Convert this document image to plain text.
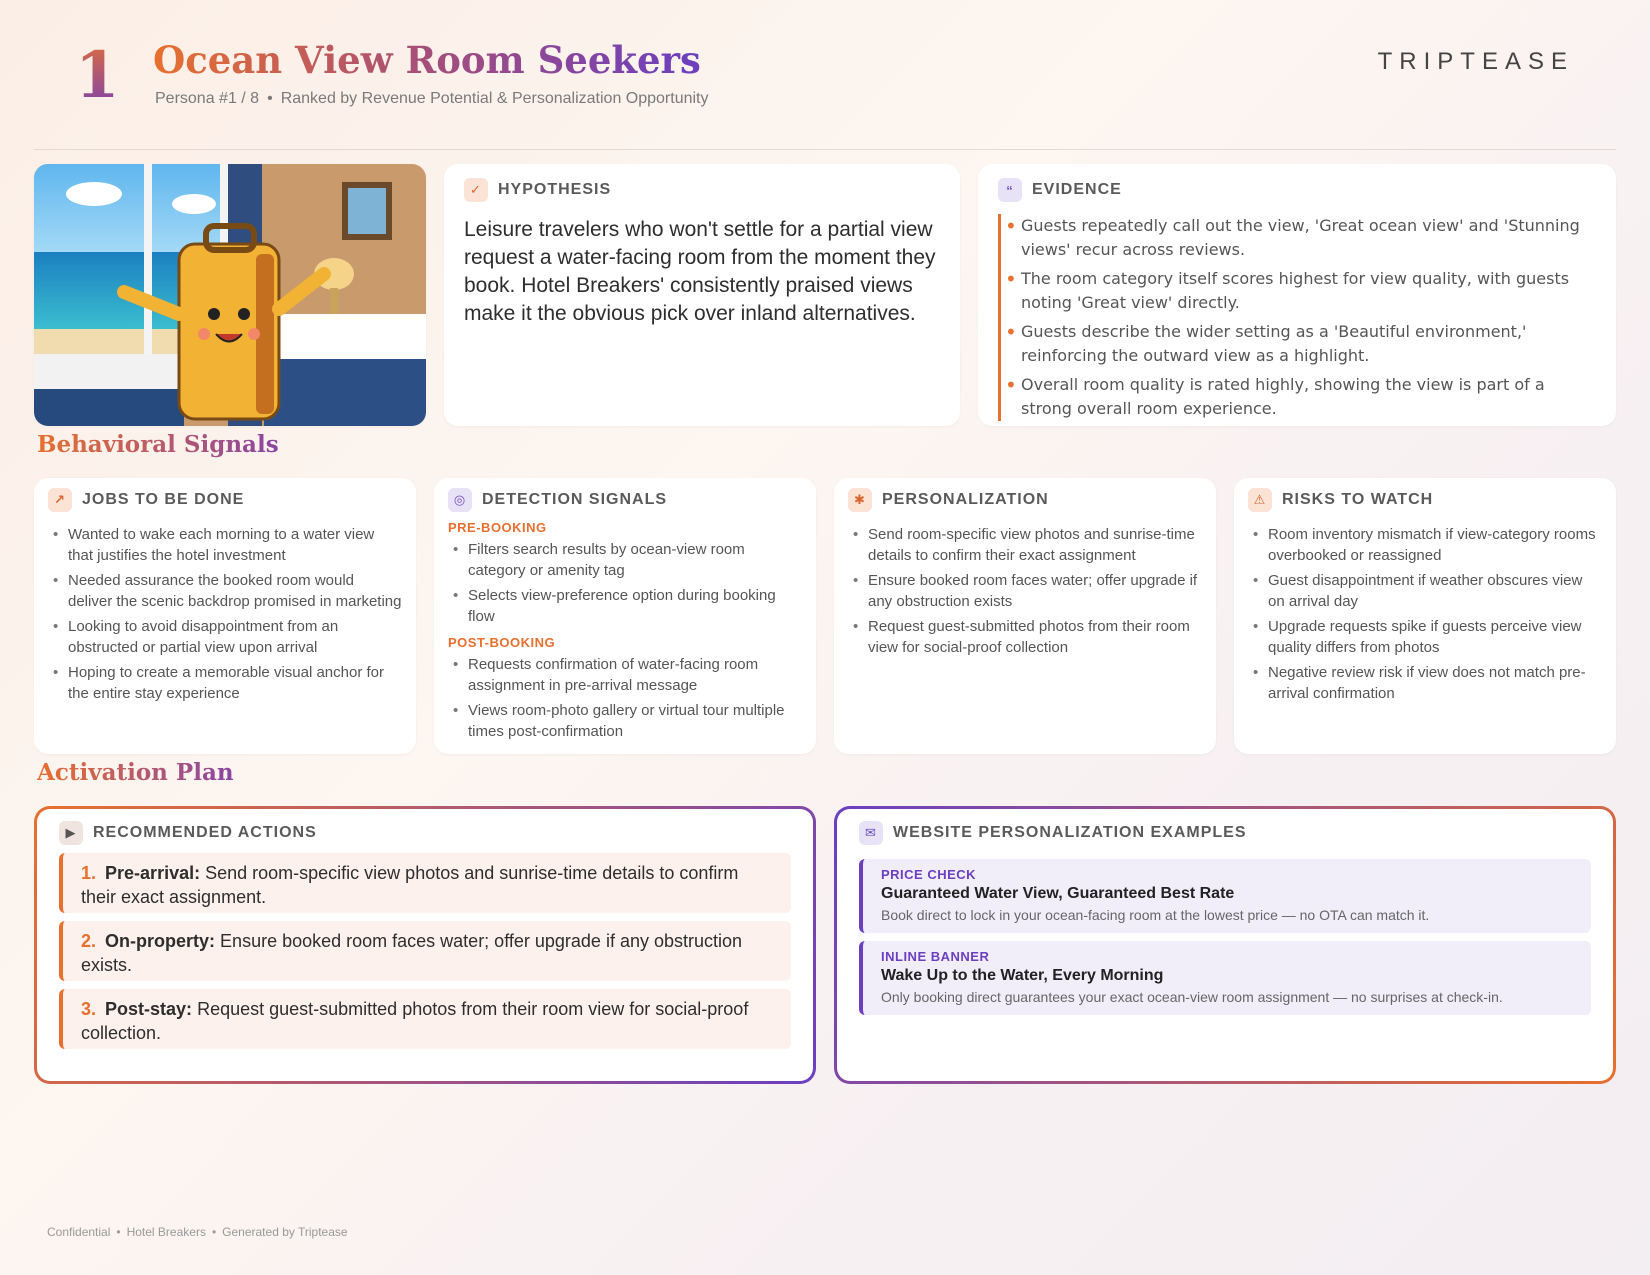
1 Ocean View Room Seekers
Persona #1 / 8 • Ranked by Revenue Potential & Personalization Opportunity
TRIPTEASE
✓	HYPOTHESIS

Leisure travelers who won't settle for a partial view request a water-facing room from the moment they book. Hotel Breakers' consistently praised views make it the obvious pick over inland alternatives.

“	EVIDENCE
• Guests repeatedly call out the view, 'Great ocean view' and 'Stunning views' recur across reviews.
• The room category itself scores highest for view quality, with guests noting 'Great view' directly.
• Guests describe the wider setting as a 'Beautiful environment,' reinforcing the outward view as a highlight.
• Overall room quality is rated highly, showing the view is part of a strong overall room experience.
Behavioral Signals
↗	JOBS TO BE DONE
• Wanted to wake each morning to a water view that justifies the hotel investment
• Needed assurance the booked room would deliver the scenic backdrop promised in marketing
• Looking to avoid disappointment from an obstructed or partial view upon arrival
• Hoping to create a memorable visual anchor for the entire stay experience
◎ DETECTION SIGNALS
PRE-BOOKING
• Filters search results by ocean-view room category or amenity tag
• Selects view-preference option during booking flow
POST-BOOKING
• Requests confirmation of water-facing room assignment in pre-arrival message
• Views room-photo gallery or virtual tour multiple times post-confirmation
✱	PERSONALIZATION
• Send room-specific view photos and sunrise-time details to confirm their exact assignment
• Ensure booked room faces water; offer upgrade if any obstruction exists
• Request guest-submitted photos from their room view for social-proof collection
⚠ RISKS TO WATCH
• Room inventory mismatch if view-category rooms overbooked or reassigned
• Guest disappointment if weather obscures view on arrival day
• Upgrade requests spike if guests perceive view quality differs from photos
• Negative review risk if view does not match pre-arrival confirmation
Activation Plan
▶	RECOMMENDED ACTIONS
1. Pre-arrival: Send room-specific view photos and sunrise-time details to confirm their exact assignment.
2. On-property: Ensure booked room faces water; offer upgrade if any obstruction exists.
3. Post-stay: Request guest-submitted photos from their room view for social-proof collection.
✉	WEBSITE PERSONALIZATION EXAMPLES
PRICE CHECK
Guaranteed Water View, Guaranteed Best Rate
Book direct to lock in your ocean-facing room at the lowest price — no OTA can match it.
INLINE BANNER
Wake Up to the Water, Every Morning
Only booking direct guarantees your exact ocean-view room assignment — no surprises at check-in.
Confidential • Hotel Breakers • Generated by Triptease
